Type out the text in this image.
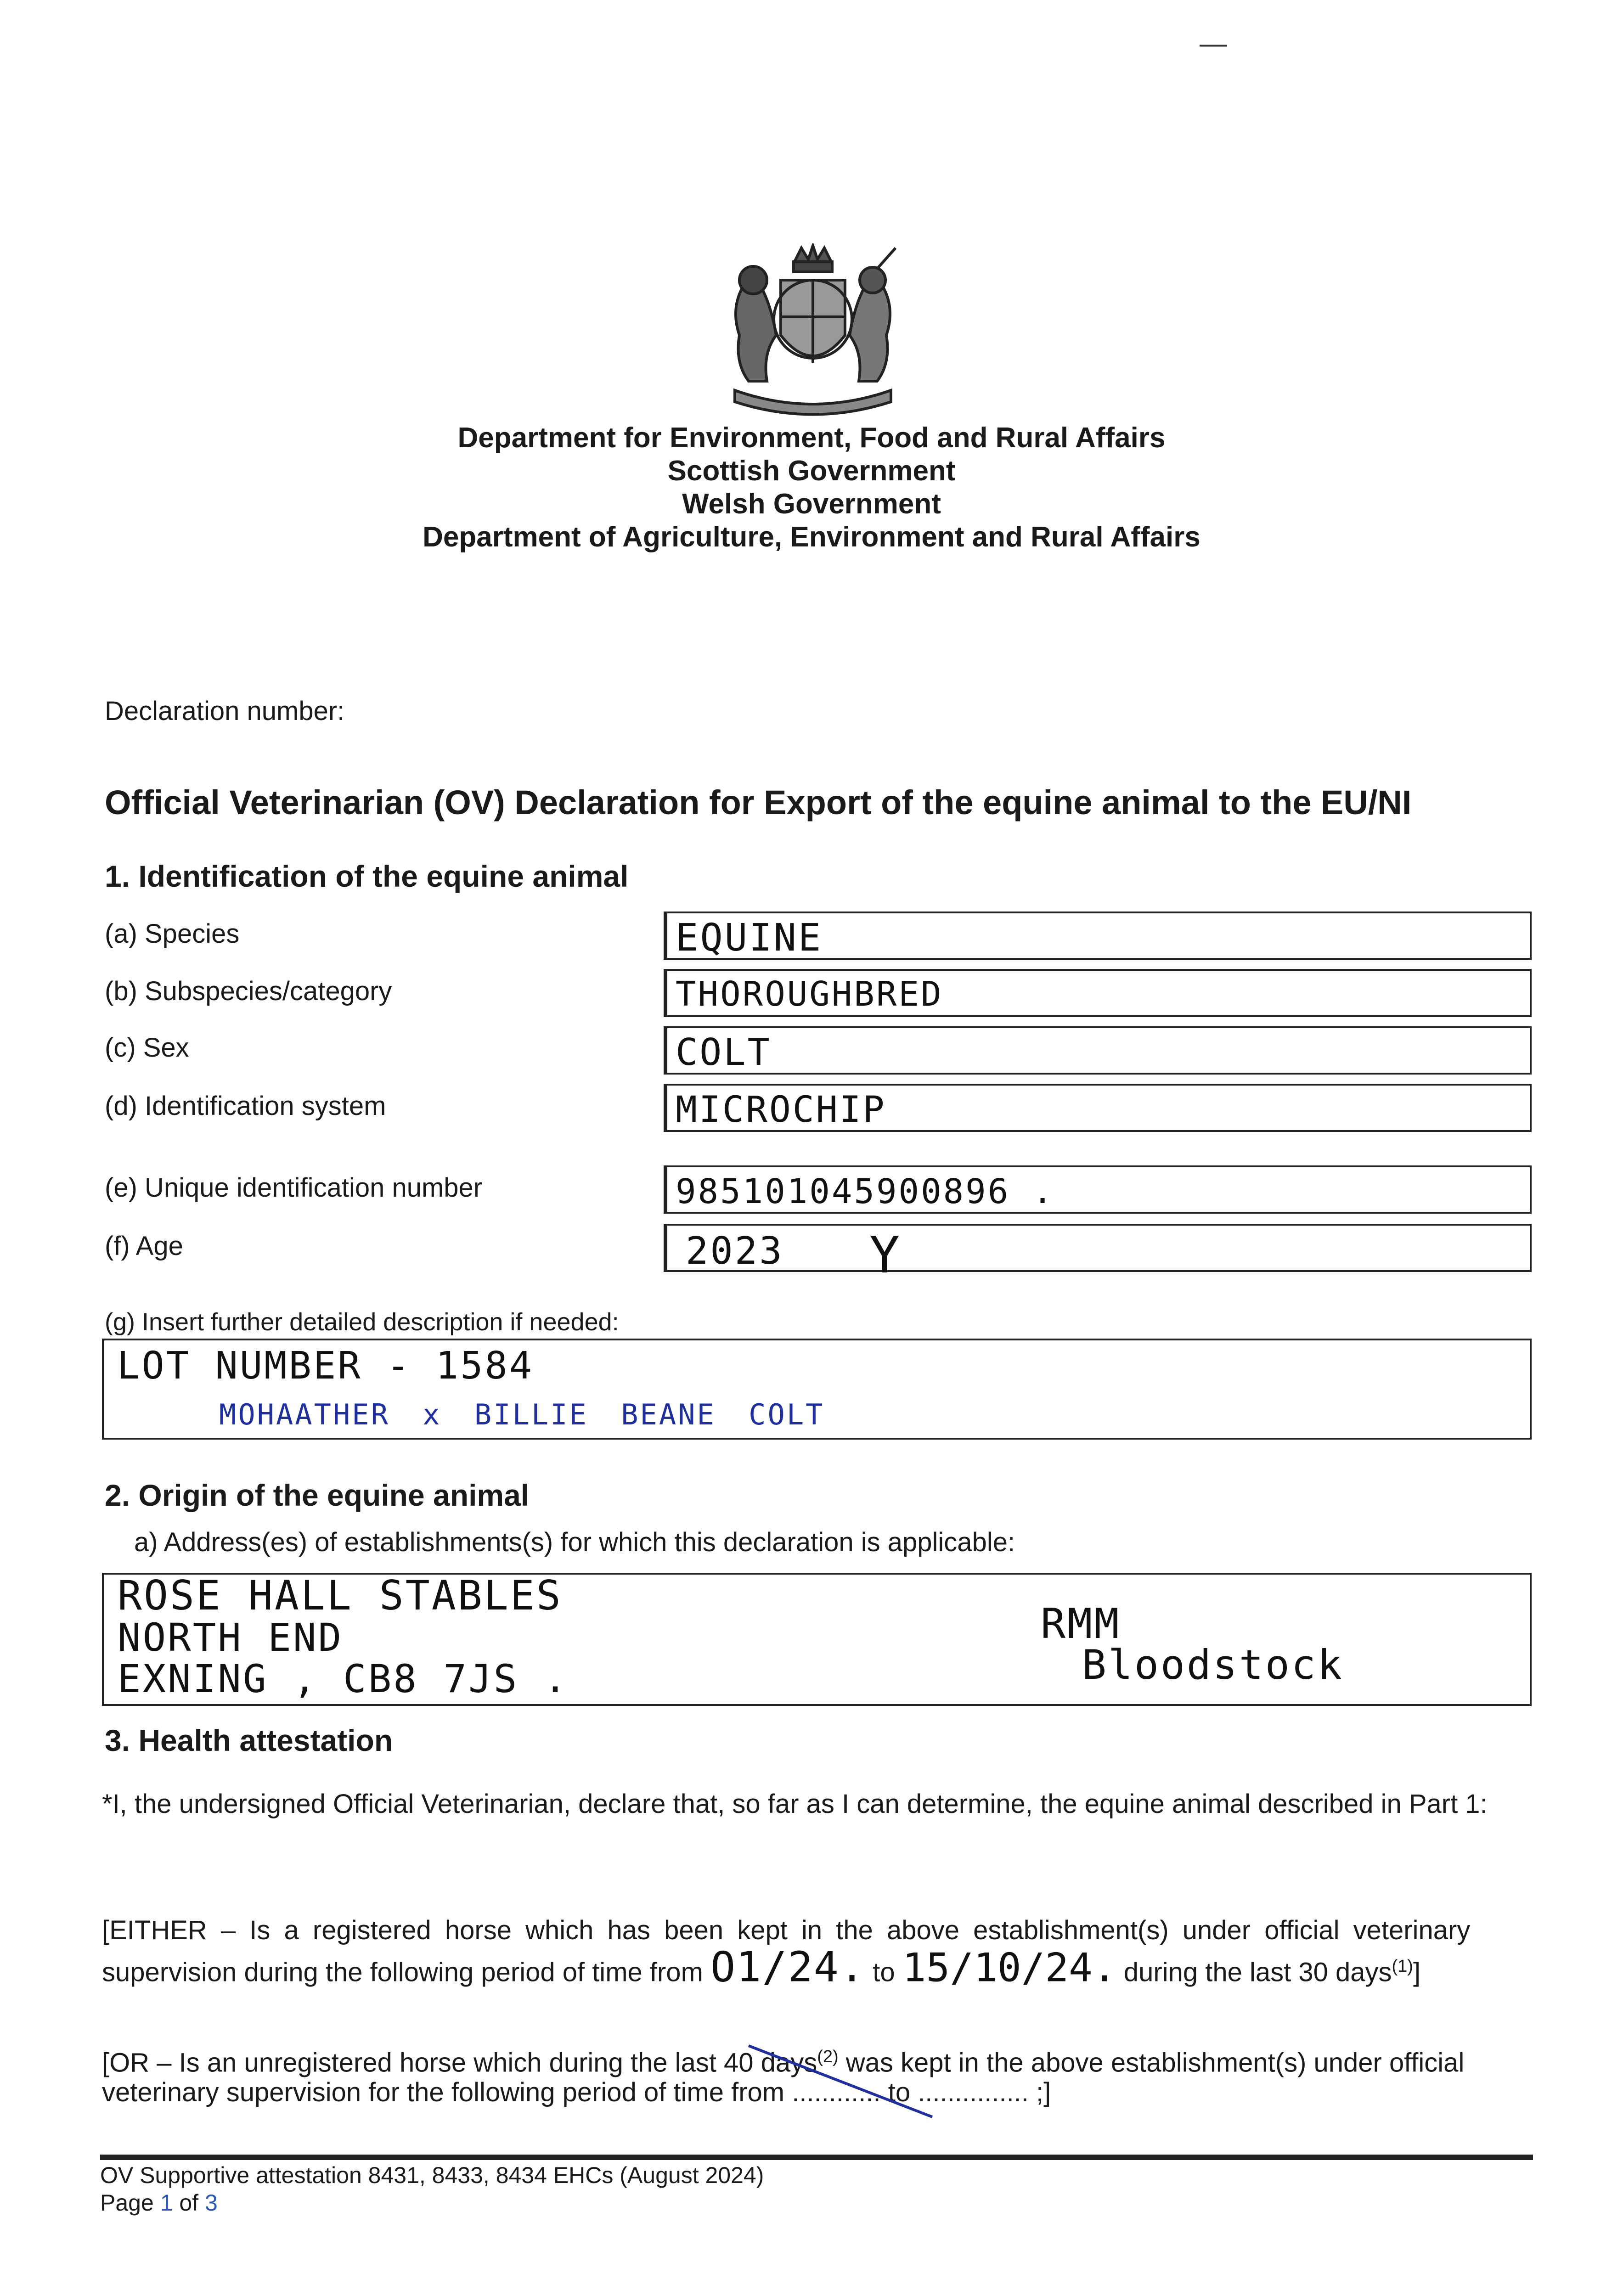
—
Department for Environment, Food and Rural Affairs
Scottish Government
Welsh Government
Department of Agriculture, Environment and Rural Affairs
Declaration number:
Official Veterinarian (OV) Declaration for Export of the equine animal to the EU/NI
1. Identification of the equine animal
(a) Species	EQUINE
(b) Subspecies/category	THOROUGHBRED
(c) Sex	COLT
(d) Identification system	MICROCHIP
(e) Unique identification number	985101045900896 .
(f) Age	2023 Y
(g) Insert further detailed description if needed:
LOT NUMBER - 1584
MOHAATHER x BILLIE BEANE COLT
2. Origin of the equine animal
a) Address(es) of establishments(s) for which this declaration is applicable:
ROSE HALL STABLES
NORTH END
EXNING , CB8 7JS .
RMM
Bloodstock
3. Health attestation
*I, the undersigned Official Veterinarian, declare that, so far as I can determine, the equine animal described in Part 1:
[EITHER – Is a registered horse which has been kept in the above establishment(s) under official veterinary
supervision during the following period of time from O1/24. to 15/10/24. during the last 30 days$^{(1)}$]
[OR – Is an unregistered horse which during the last 40 days$^{(2)}$ was kept in the above establishment(s) under official
veterinary supervision for the following period of time from ............ to ............... ;]
OV Supportive attestation 8431, 8433, 8434 EHCs (August 2024)
Page 1 of 3
